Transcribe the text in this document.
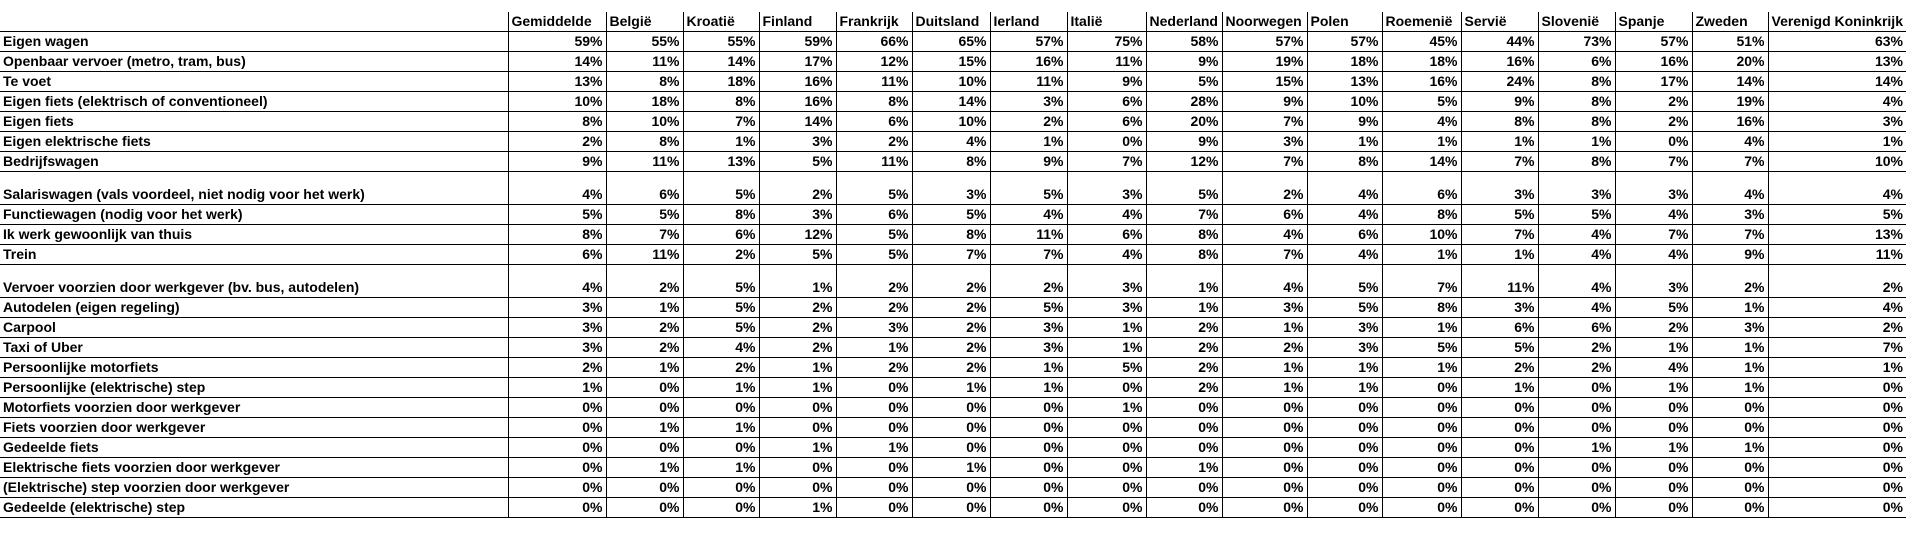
	Gemiddelde	België	Kroatië	Finland	Frankrijk	Duitsland	Ierland	Italië	Nederland	Noorwegen	Polen	Roemenië	Servië	Slovenië	Spanje	Zweden	Verenigd Koninkrijk
Eigen wagen	59%	55%	55%	59%	66%	65%	57%	75%	58%	57%	57%	45%	44%	73%	57%	51%	63%
Openbaar vervoer (metro, tram, bus)	14%	11%	14%	17%	12%	15%	16%	11%	9%	19%	18%	18%	16%	6%	16%	20%	13%
Te voet	13%	8%	18%	16%	11%	10%	11%	9%	5%	15%	13%	16%	24%	8%	17%	14%	14%
Eigen fiets (elektrisch of conventioneel)	10%	18%	8%	16%	8%	14%	3%	6%	28%	9%	10%	5%	9%	8%	2%	19%	4%
Eigen fiets	8%	10%	7%	14%	6%	10%	2%	6%	20%	7%	9%	4%	8%	8%	2%	16%	3%
Eigen elektrische fiets	2%	8%	1%	3%	2%	4%	1%	0%	9%	3%	1%	1%	1%	1%	0%	4%	1%
Bedrijfswagen	9%	11%	13%	5%	11%	8%	9%	7%	12%	7%	8%	14%	7%	8%	7%	7%	10%
Salariswagen (vals voordeel, niet nodig voor het werk)	4%	6%	5%	2%	5%	3%	5%	3%	5%	2%	4%	6%	3%	3%	3%	4%	4%
Functiewagen (nodig voor het werk)	5%	5%	8%	3%	6%	5%	4%	4%	7%	6%	4%	8%	5%	5%	4%	3%	5%
Ik werk gewoonlijk van thuis	8%	7%	6%	12%	5%	8%	11%	6%	8%	4%	6%	10%	7%	4%	7%	7%	13%
Trein	6%	11%	2%	5%	5%	7%	7%	4%	8%	7%	4%	1%	1%	4%	4%	9%	11%
Vervoer voorzien door werkgever (bv. bus, autodelen)	4%	2%	5%	1%	2%	2%	2%	3%	1%	4%	5%	7%	11%	4%	3%	2%	2%
Autodelen (eigen regeling)	3%	1%	5%	2%	2%	2%	5%	3%	1%	3%	5%	8%	3%	4%	5%	1%	4%
Carpool	3%	2%	5%	2%	3%	2%	3%	1%	2%	1%	3%	1%	6%	6%	2%	3%	2%
Taxi of Uber	3%	2%	4%	2%	1%	2%	3%	1%	2%	2%	3%	5%	5%	2%	1%	1%	7%
Persoonlijke motorfiets	2%	1%	2%	1%	2%	2%	1%	5%	2%	1%	1%	1%	2%	2%	4%	1%	1%
Persoonlijke (elektrische) step	1%	0%	1%	1%	0%	1%	1%	0%	2%	1%	1%	0%	1%	0%	1%	1%	0%
Motorfiets voorzien door werkgever	0%	0%	0%	0%	0%	0%	0%	1%	0%	0%	0%	0%	0%	0%	0%	0%	0%
Fiets voorzien door werkgever	0%	1%	1%	0%	0%	0%	0%	0%	0%	0%	0%	0%	0%	0%	0%	0%	0%
Gedeelde fiets	0%	0%	0%	1%	1%	0%	0%	0%	0%	0%	0%	0%	0%	1%	1%	1%	0%
Elektrische fiets voorzien door werkgever	0%	1%	1%	0%	0%	1%	0%	0%	1%	0%	0%	0%	0%	0%	0%	0%	0%
(Elektrische) step voorzien door werkgever	0%	0%	0%	0%	0%	0%	0%	0%	0%	0%	0%	0%	0%	0%	0%	0%	0%
Gedeelde (elektrische) step	0%	0%	0%	1%	0%	0%	0%	0%	0%	0%	0%	0%	0%	0%	0%	0%	0%
